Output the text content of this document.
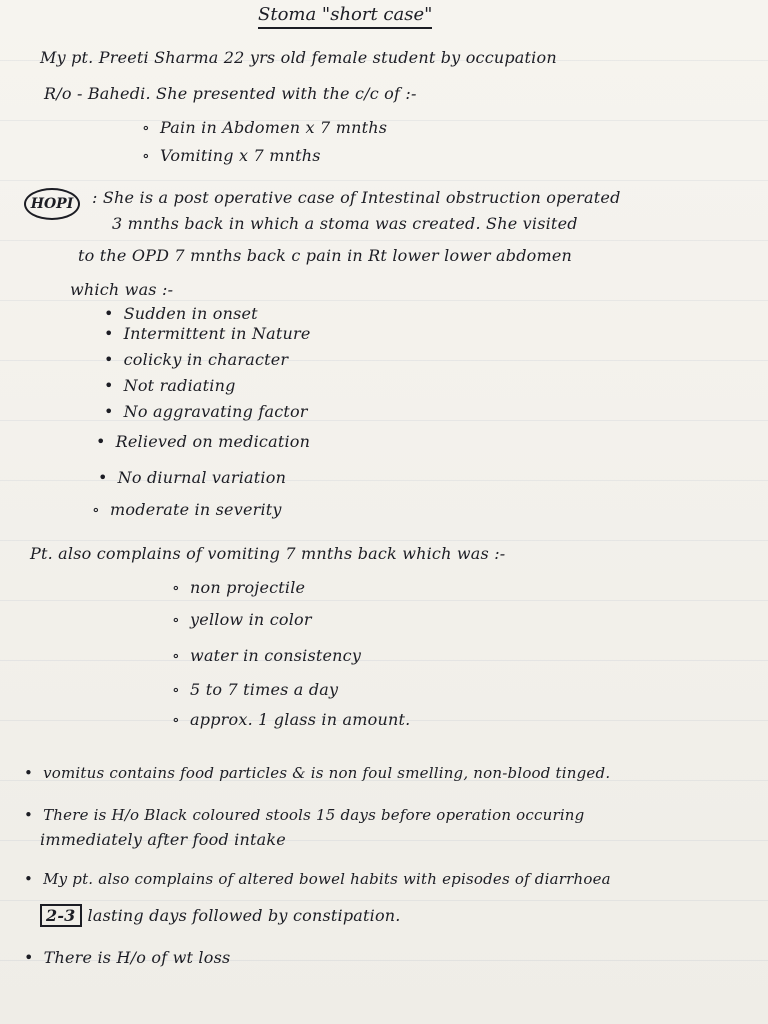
Stoma "short case"
My pt. Preeti Sharma 22 yrs old female student by occupation
R/o - Bahedi. She presented with the c/c of :-
∘ Pain in Abdomen x 7 mnths
∘ Vomiting x 7 mnths
HOPI : She is a post operative case of Intestinal obstruction operated
3 mnths back in which a stoma was created. She visited
to the OPD 7 mnths back c pain in Rt lower lower abdomen
which was :-
• Sudden in onset
• Intermittent in Nature
• colicky in character
• Not radiating
• No aggravating factor
• Relieved on medication
• No diurnal variation
∘ moderate in severity
Pt. also complains of vomiting 7 mnths back which was :-
∘ non projectile
∘ yellow in color
∘ water in consistency
∘ 5 to 7 times a day
∘ approx. 1 glass in amount.
• vomitus contains food particles & is non foul smelling, non-blood tinged.
• There is H/o Black coloured stools 15 days before operation occuring
immediately after food intake
• My pt. also complains of altered bowel habits with episodes of diarrhoea
2-3 lasting days followed by constipation.
• There is H/o of wt loss
